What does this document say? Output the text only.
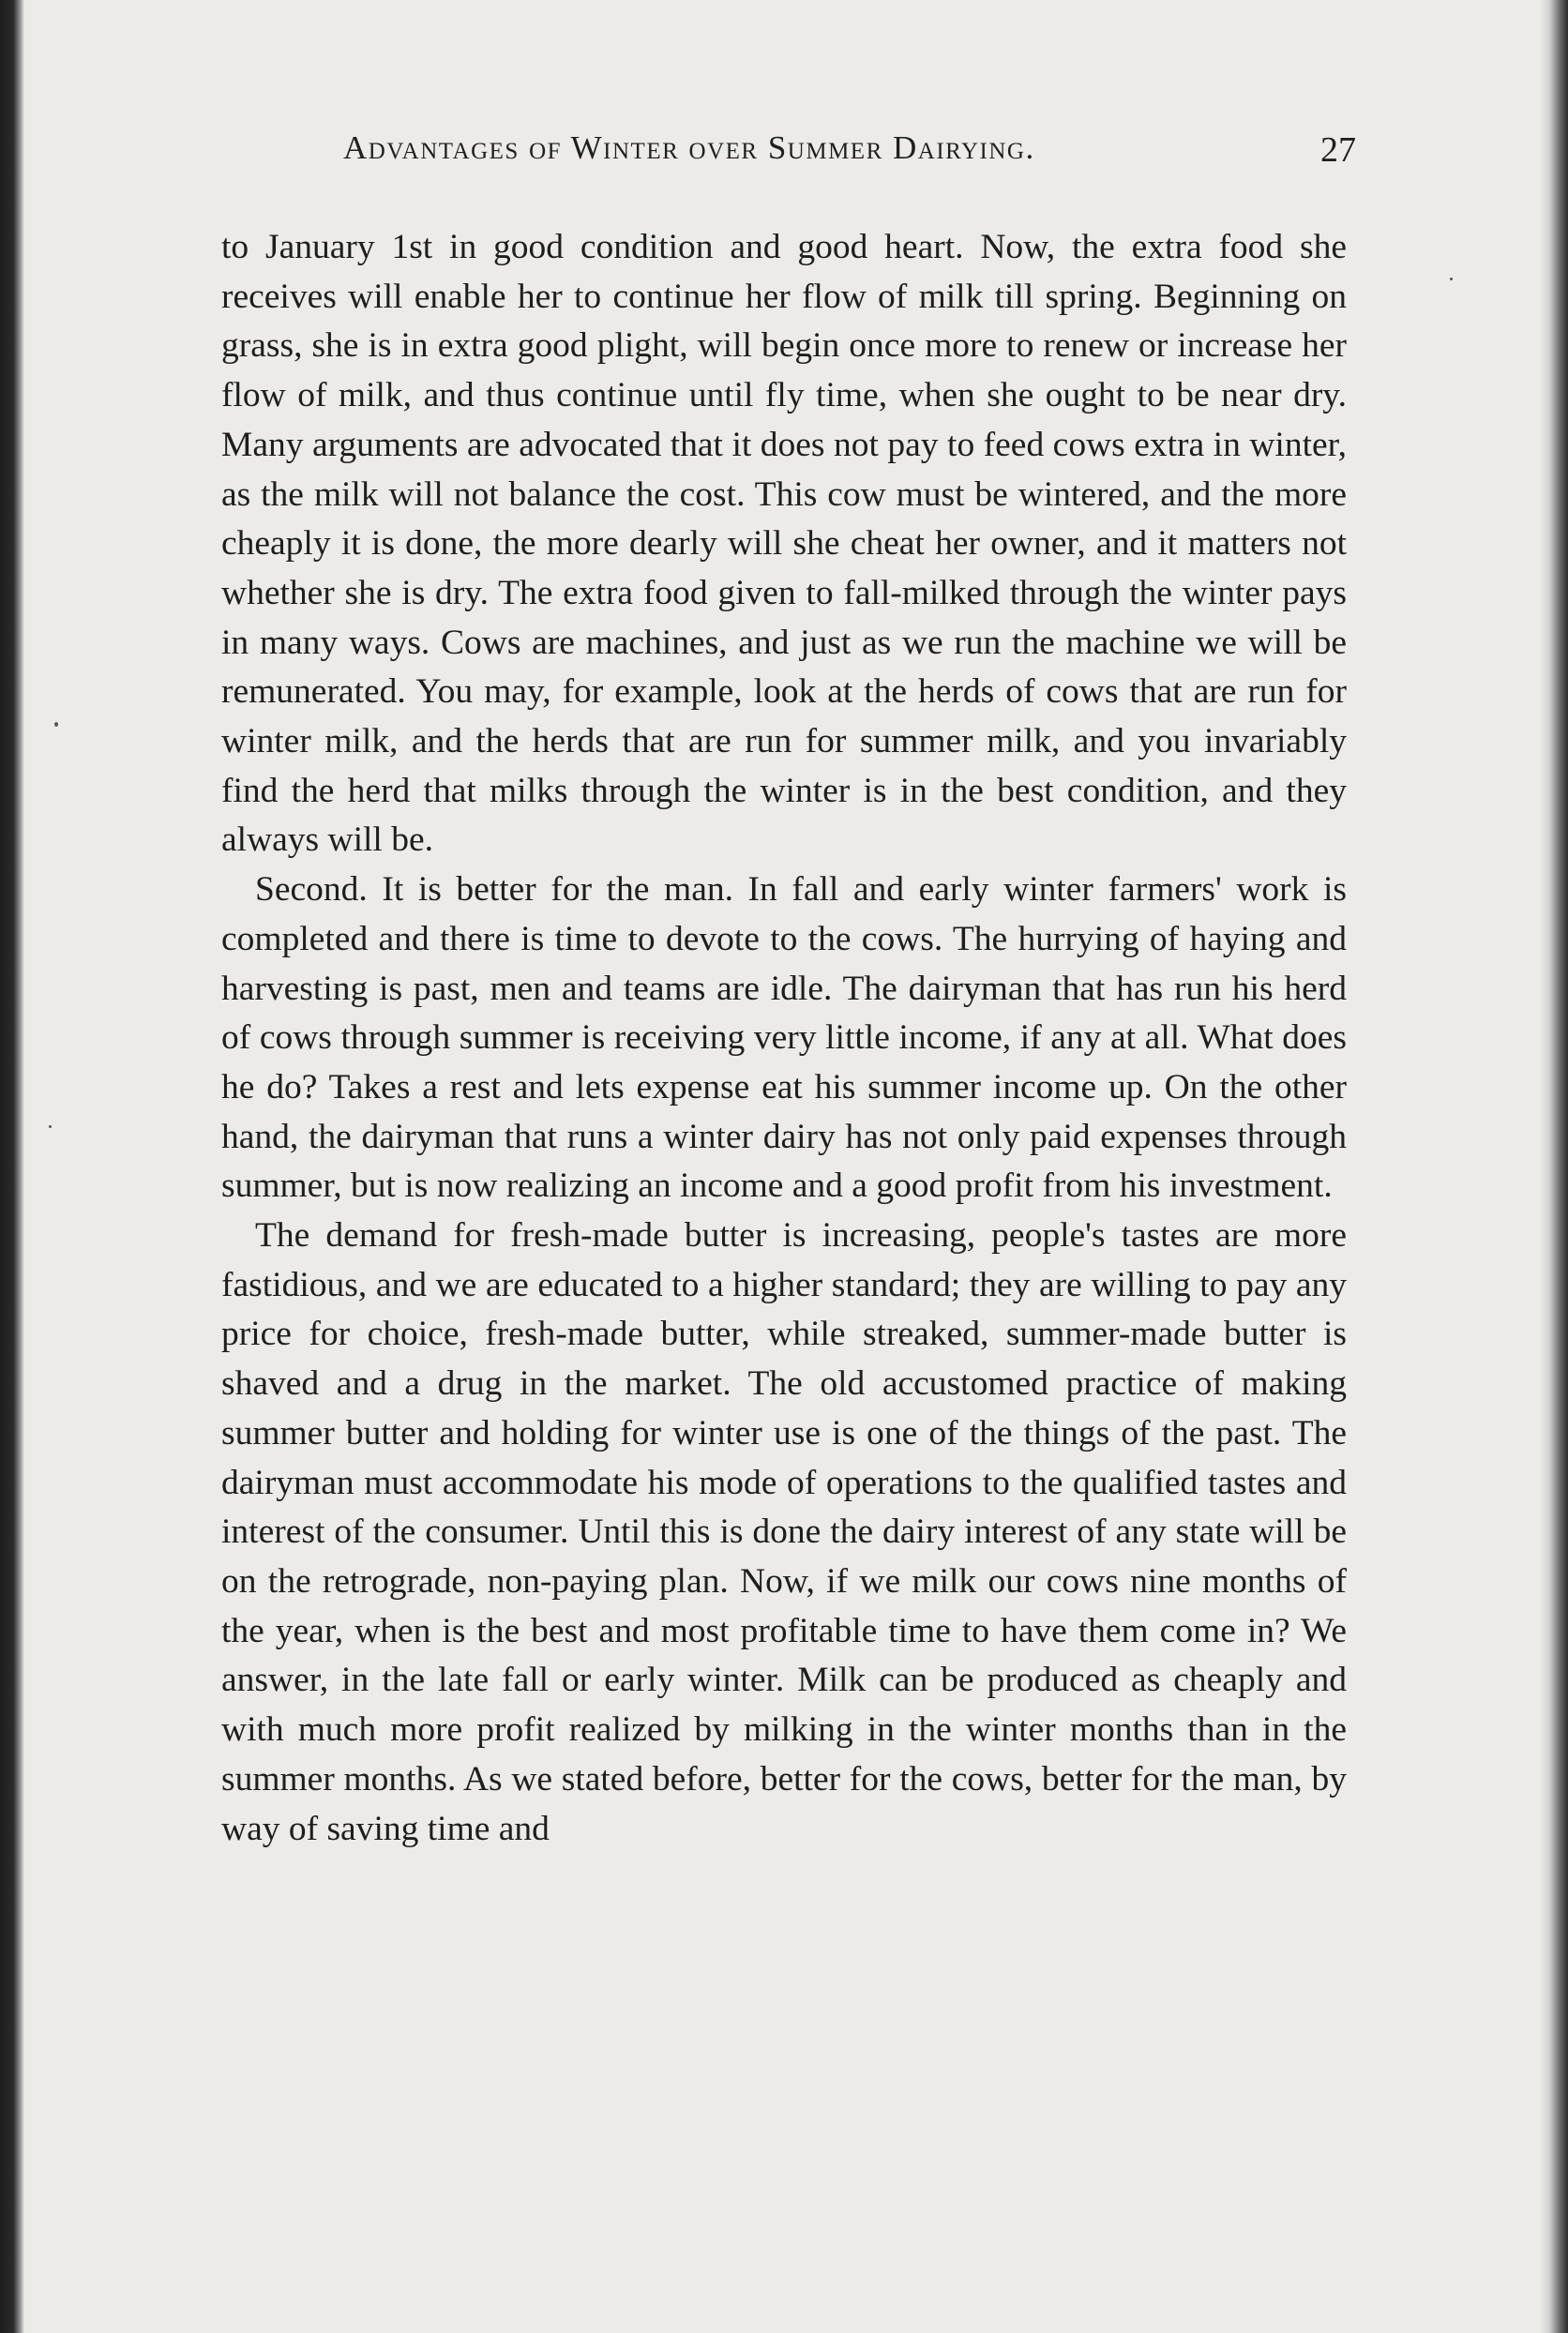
Advantages of Winter over Summer Dairying.	27

to January 1st in good condition and good heart. Now, the extra food she receives will enable her to continue her flow of milk till spring. Beginning on grass, she is in extra good plight, will begin once more to renew or increase her flow of milk, and thus continue until fly time, when she ought to be near dry. Many arguments are advocated that it does not pay to feed cows extra in winter, as the milk will not balance the cost. This cow must be wintered, and the more cheaply it is done, the more dearly will she cheat her owner, and it matters not whether she is dry. The extra food given to fall-milked through the winter pays in many ways. Cows are machines, and just as we run the machine we will be remunerated. You may, for example, look at the herds of cows that are run for winter milk, and the herds that are run for summer milk, and you invariably find the herd that milks through the winter is in the best condition, and they always will be.

Second. It is better for the man. In fall and early winter farmers' work is completed and there is time to devote to the cows. The hurrying of haying and harvesting is past, men and teams are idle. The dairyman that has run his herd of cows through summer is receiving very little income, if any at all. What does he do? Takes a rest and lets expense eat his summer income up. On the other hand, the dairyman that runs a winter dairy has not only paid expenses through summer, but is now realizing an income and a good profit from his investment.

The demand for fresh-made butter is increasing, people's tastes are more fastidious, and we are educated to a higher standard; they are willing to pay any price for choice, fresh-made butter, while streaked, summer-made butter is shaved and a drug in the market. The old accustomed practice of making summer butter and holding for winter use is one of the things of the past. The dairyman must accommodate his mode of operations to the qualified tastes and interest of the consumer. Until this is done the dairy interest of any state will be on the retrograde, non-paying plan. Now, if we milk our cows nine months of the year, when is the best and most profitable time to have them come in? We answer, in the late fall or early winter. Milk can be produced as cheaply and with much more profit realized by milking in the winter months than in the summer months. As we stated before, better for the cows, better for the man, by way of saving time and
